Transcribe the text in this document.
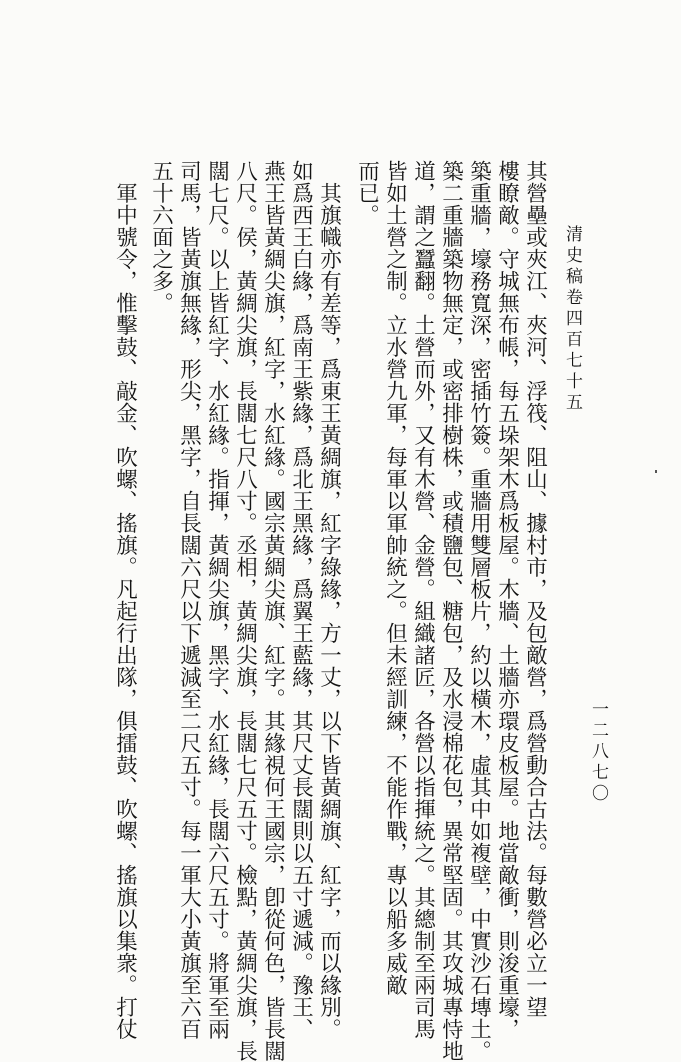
清史稿卷四百七十五
一二八七〇
其營壘或夾江、夾河、浮筏、阻山、據村市，及包敵營，爲營動合古法。每數營必立一望
樓瞭敵。守城無布帳，每五垛架木爲板屋。木牆、土牆亦環皮板屋。地當敵衝，則浚重壕，
築重牆，壕務寬深，密插竹簽。重牆用雙層板片，約以橫木，虛其中如複壁，中實沙石塼土。
築二重牆築物無定，或密排樹株，或積鹽包、糖包，及水浸棉花包，異常堅固。其攻城專恃地
道，謂之蠶翻。土營而外，又有木營、金營。組織諸匠，各營以指揮統之。其總制至兩司馬
皆如土營之制。立水營九軍，每軍以軍帥統之。但未經訓練，不能作戰，專以船多威敵
而已。
其旗幟亦有差等，爲東王黃綢旗，紅字綠緣，方一丈，以下皆黃綢旗、紅字，而以緣別。
如爲西王白緣，爲南王紫緣，爲北王黑緣，爲翼王藍緣，其尺丈長闊則以五寸遞減。豫王、
燕王皆黃綢尖旗，紅字，水紅緣。國宗黃綢尖旗、紅字。其緣視何王國宗，卽從何色，皆長闊
八尺。侯，黃綢尖旗，長闊七尺八寸。丞相，黃綢尖旗，長闊七尺五寸。檢點，黃綢尖旗，長
闊七尺。以上皆紅字、水紅緣。指揮，黃綢尖旗，黑字、水紅緣，長闊六尺五寸。將軍至兩
司馬，皆黃旗無緣，形尖，黑字，自長闊六尺以下遞減至二尺五寸。每一軍大小黃旗至六百
五十六面之多。
軍中號令，惟擊鼓、敲金、吹螺、搖旗。凡起行出隊，俱擂鼓、吹螺、搖旗以集衆。打仗
